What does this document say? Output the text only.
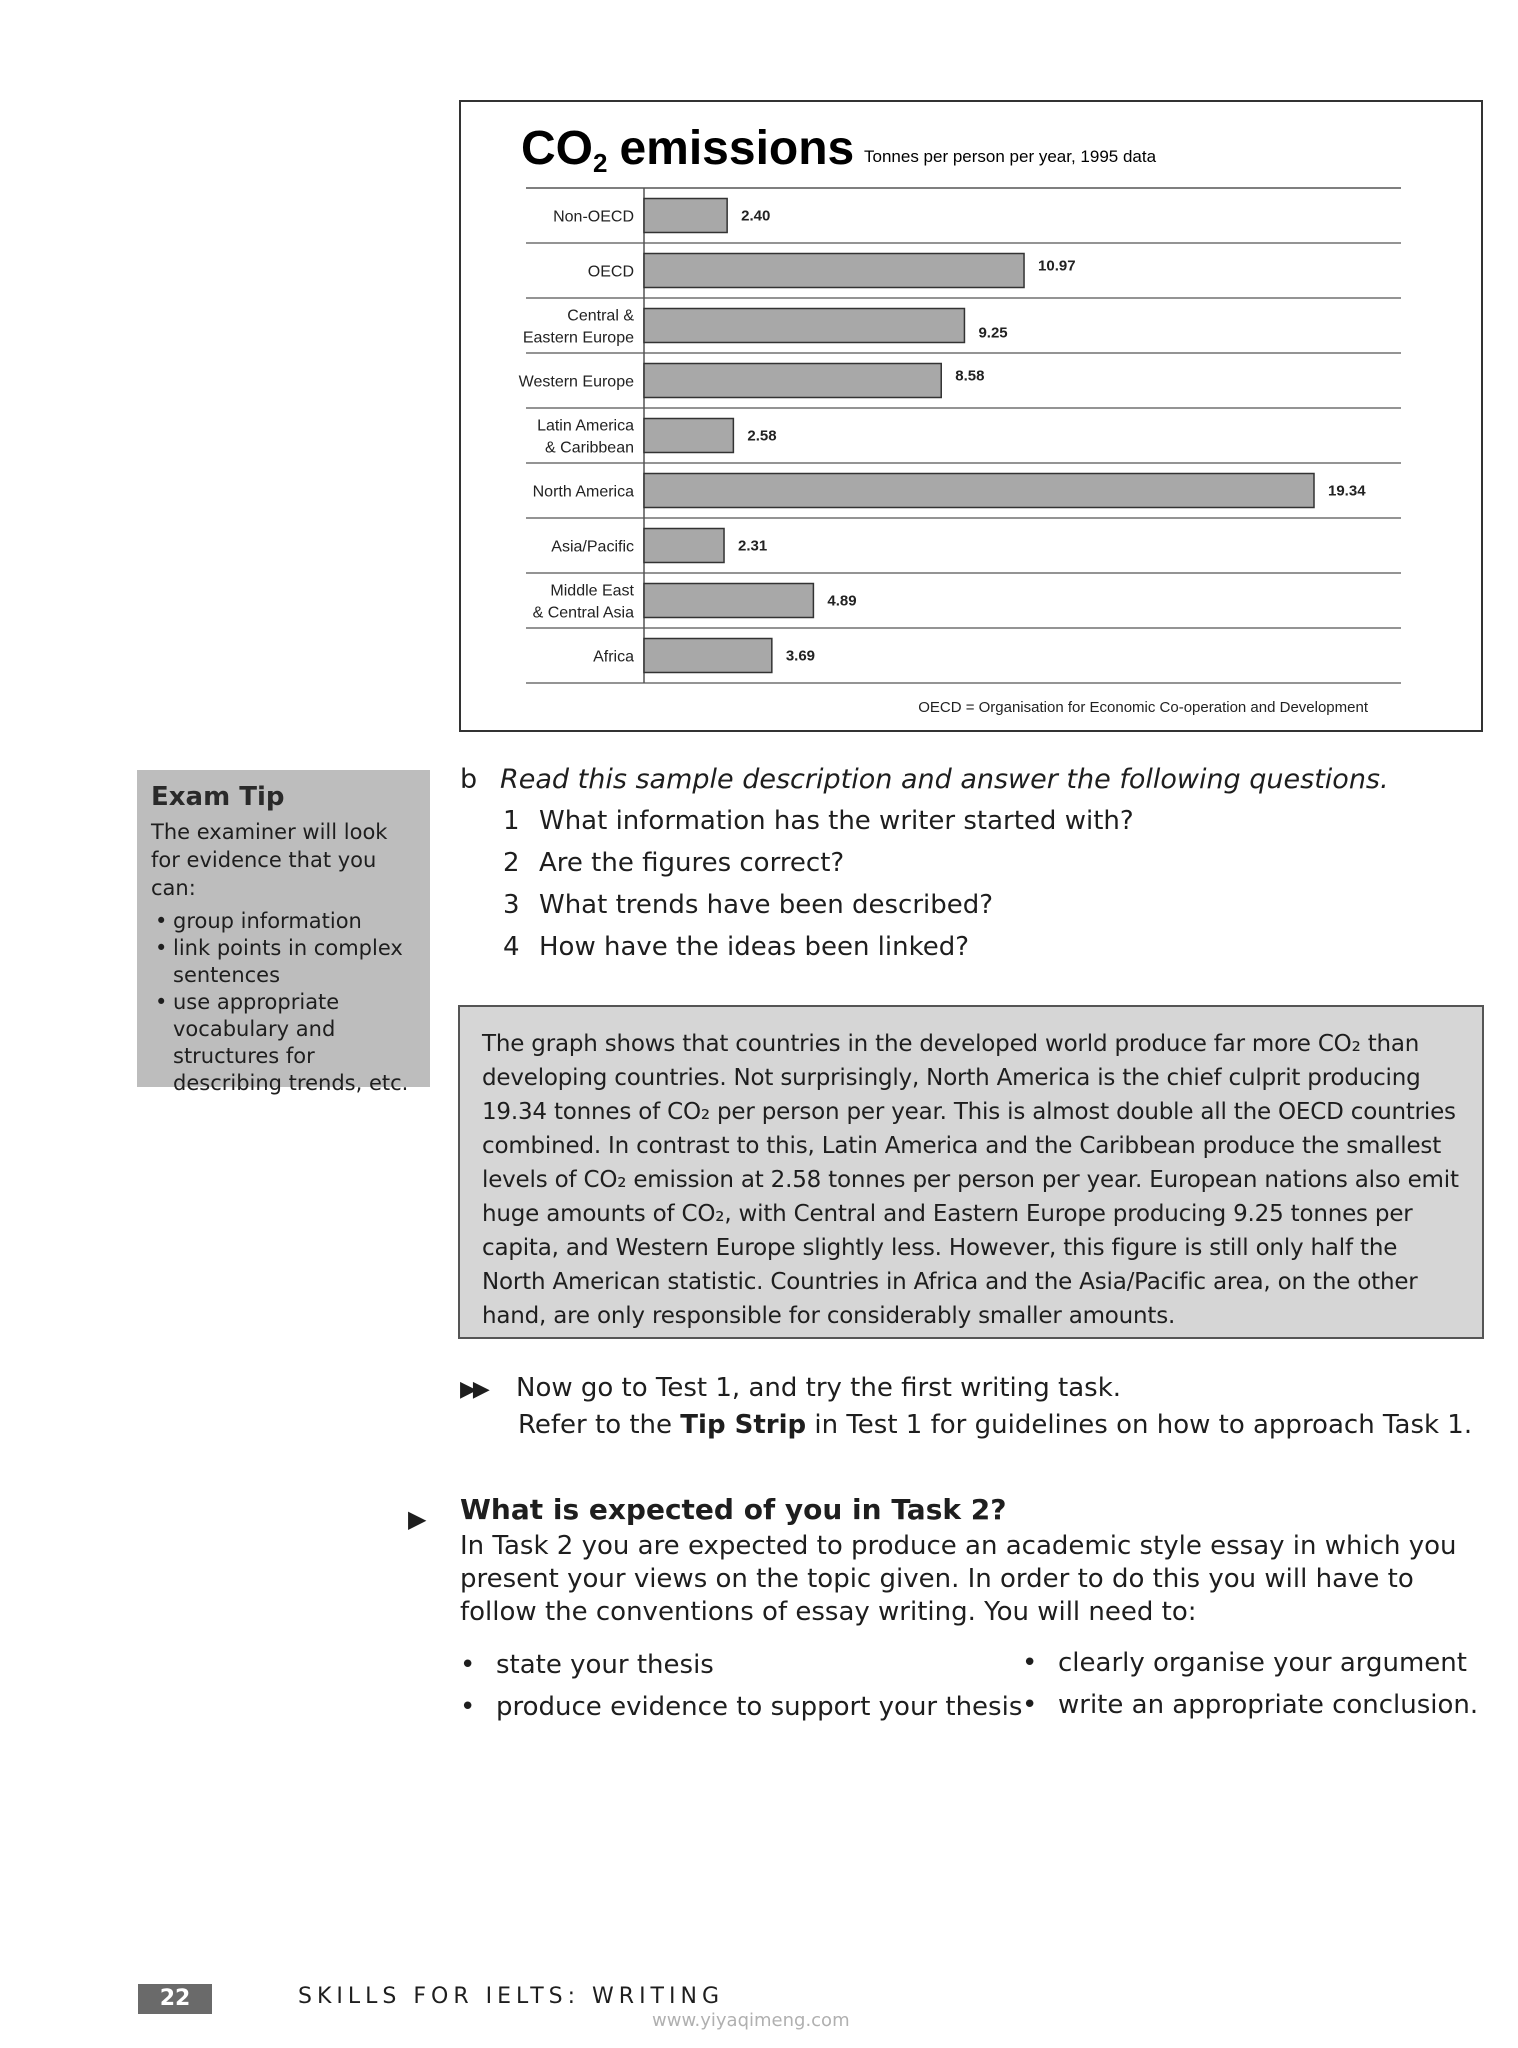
CO2 emissions Tonnes per person per year, 1995 data
2.40
Non-OECD
10.97
OECD
9.25
Central &
Eastern Europe
8.58
Western Europe
2.58
Latin America
& Caribbean
19.34
North America
2.31
Asia/Pacific
4.89
Middle East
& Central Asia
3.69
Africa
OECD = Organisation for Economic Co-operation and Development
Exam Tip

The examiner will look for evidence that you can:

• group information
• link points in complex sentences
• use appropriate vocabulary and structures for describing trends, etc.
b Read this sample description and answer the following questions.
1 What information has the writer started with?
2 Are the figures correct?
3 What trends have been described?
4 How have the ideas been linked?

The graph shows that countries in the developed world produce far more CO₂ than developing countries. Not surprisingly, North America is the chief culprit producing 19.34 tonnes of CO₂ per person per year. This is almost double all the OECD countries combined. In contrast to this, Latin America and the Caribbean produce the smallest levels of CO₂ emission at 2.58 tonnes per person per year. European nations also emit huge amounts of CO₂, with Central and Eastern Europe producing 9.25 tonnes per capita, and Western Europe slightly less. However, this figure is still only half the North American statistic. Countries in Africa and the Asia/Pacific area, on the other hand, are only responsible for considerably smaller amounts.

▶▶ Now go to Test 1, and try the first writing task.
Refer to the Tip Strip in Test 1 for guidelines on how to approach Task 1.
▶ What is expected of you in Task 2?
In Task 2 you are expected to produce an academic style essay in which you present your views on the topic given. In order to do this you will have to follow the conventions of essay writing. You will need to:
• state your thesis
• produce evidence to support your thesis
• clearly organise your argument
• write an appropriate conclusion.
22	SKILLS FOR IELTS: WRITING
www.yiyaqimeng.com
